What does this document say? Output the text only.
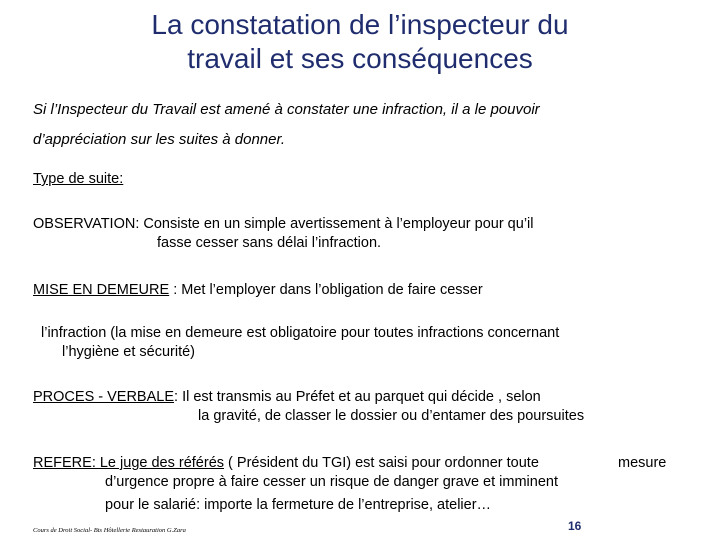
La constatation de l’inspecteur du
travail et ses conséquences
Si l’Inspecteur du Travail est amené à constater une infraction, il a le pouvoir
d’appréciation sur les suites à donner.
Type de suite:
OBSERVATION: Consiste en un simple avertissement à l’employeur pour qu’il
fasse cesser sans délai l’infraction.
MISE EN DEMEURE : Met l’employer dans l’obligation de faire cesser
l’infraction (la mise en demeure est obligatoire pour toutes infractions concernant
l’hygiène et sécurité)
PROCES - VERBALE: Il est transmis au Préfet et au parquet qui décide , selon
la gravité, de classer le dossier ou d’entamer des poursuites
REFERE: Le juge des référés ( Président du TGI) est saisi pour ordonner toute	mesure
d’urgence propre à faire cesser un risque de danger grave et imminent
pour le salarié: importe la fermeture de l’entreprise, atelier…
Cours de Droit Social- Bts Hôtellerie Restauration G.Zara	16
